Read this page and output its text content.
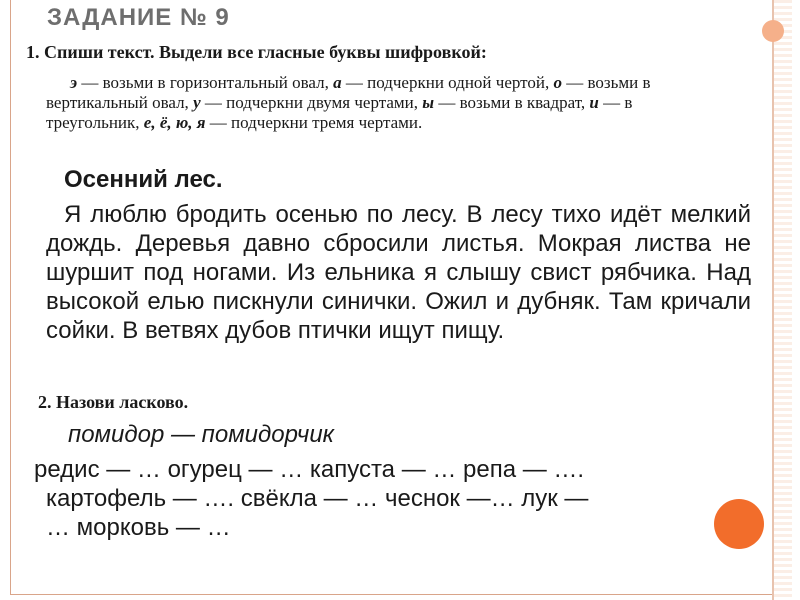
ЗАДАНИЕ № 9
1. Спиши текст. Выдели все гласные буквы шифровкой:
э — возьми в горизонтальный овал, а — подчеркни одной чертой, о — возьми в вертикальный овал, у — подчеркни двумя чертами, ы — возьми в квадрат, и — в треугольник, е, ё, ю, я — подчеркни тремя чертами.
Осенний лес.
Я люблю бродить осенью по лесу. В лесу тихо идёт мелкий дождь. Деревья давно сбросили листья. Мокрая листва не шуршит под ногами. Из ельника я слышу свист рябчика. Над высокой елью пискнули синички. Ожил и дубняк. Там кричали сойки. В ветвях дубов птички ищут пищу.
2. Назови ласково.
помидор — помидорчик
редис — … огурец — … капуста — … репа — ….
картофель — …. свёкла — … чеснок —… лук —
… морковь — …
